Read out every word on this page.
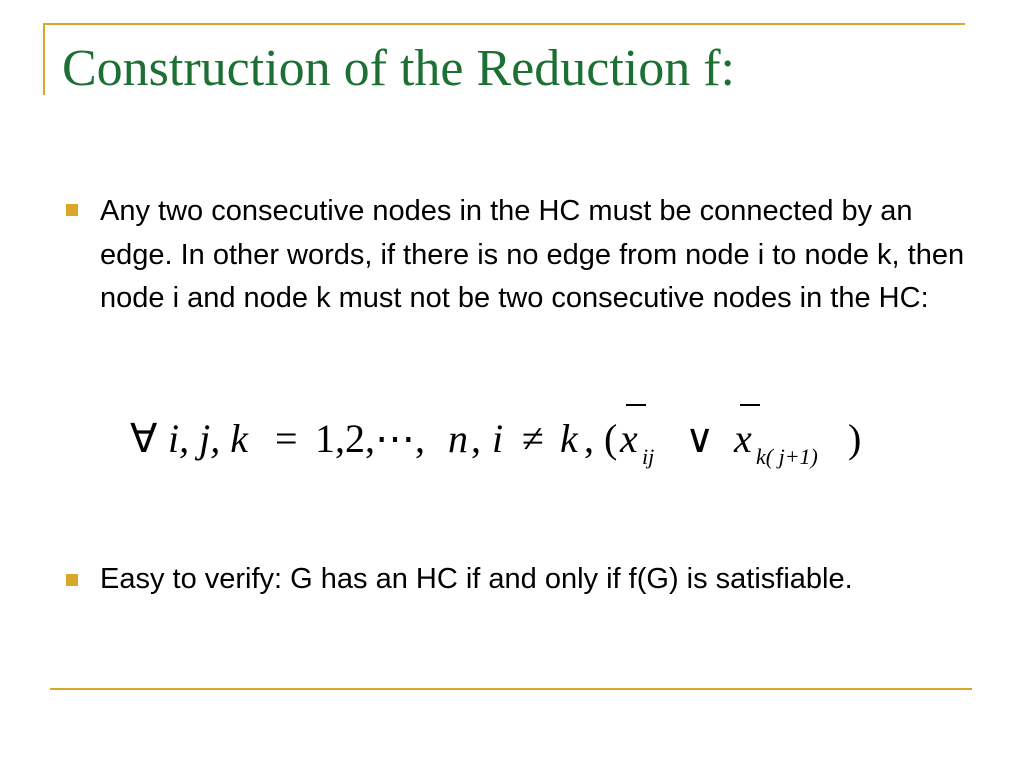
Construction of the Reduction f:

Any two consecutive nodes in the HC must be connected by an edge. In other words, if there is no edge from node i to node k, then node i and node k must not be two consecutive nodes in the HC:

∀ i, j, k = 1,2,⋯, n , i ≠ k , ( x ij ∨ x k( j+1) )

Easy to verify: G has an HC if and only if f(G) is satisfiable.
